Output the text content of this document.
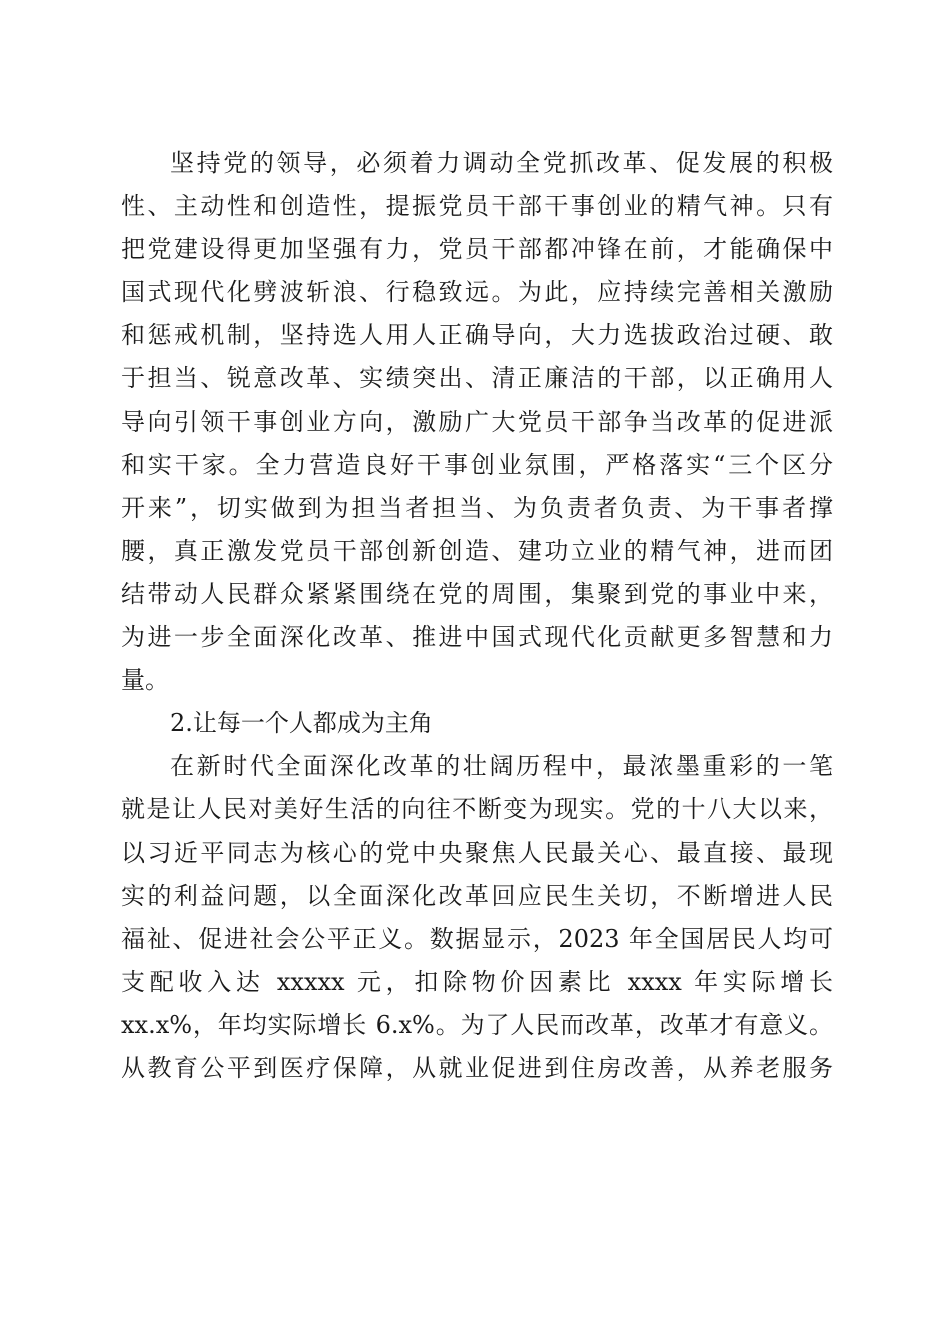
坚持党的领导，必须着力调动全党抓改革、促发展的积极
性、主动性和创造性，提振党员干部干事创业的精气神。只有
把党建设得更加坚强有力，党员干部都冲锋在前，才能确保中
国式现代化劈波斩浪、行稳致远。为此，应持续完善相关激励
和惩戒机制，坚持选人用人正确导向，大力选拔政治过硬、敢
于担当、锐意改革、实绩突出、清正廉洁的干部，以正确用人
导向引领干事创业方向，激励广大党员干部争当改革的促进派
和实干家。全力营造良好干事创业氛围，严格落实“三个区分
开来”，切实做到为担当者担当、为负责者负责、为干事者撑
腰，真正激发党员干部创新创造、建功立业的精气神，进而团
结带动人民群众紧紧围绕在党的周围，集聚到党的事业中来，
为进一步全面深化改革、推进中国式现代化贡献更多智慧和力
量。
2.让每一个人都成为主角
在新时代全面深化改革的壮阔历程中，最浓墨重彩的一笔
就是让人民对美好生活的向往不断变为现实。党的十八大以来，
以习近平同志为核心的党中央聚焦人民最关心、最直接、最现
实的利益问题，以全面深化改革回应民生关切，不断增进人民
福祉、促进社会公平正义。数据显示，2023 年全国居民人均可
支配收入达 xxxxx 元，扣除物价因素比 xxxx 年实际增长
xx.x%，年均实际增长 6.x%。为了人民而改革，改革才有意义。
从教育公平到医疗保障，从就业促进到住房改善，从养老服务
